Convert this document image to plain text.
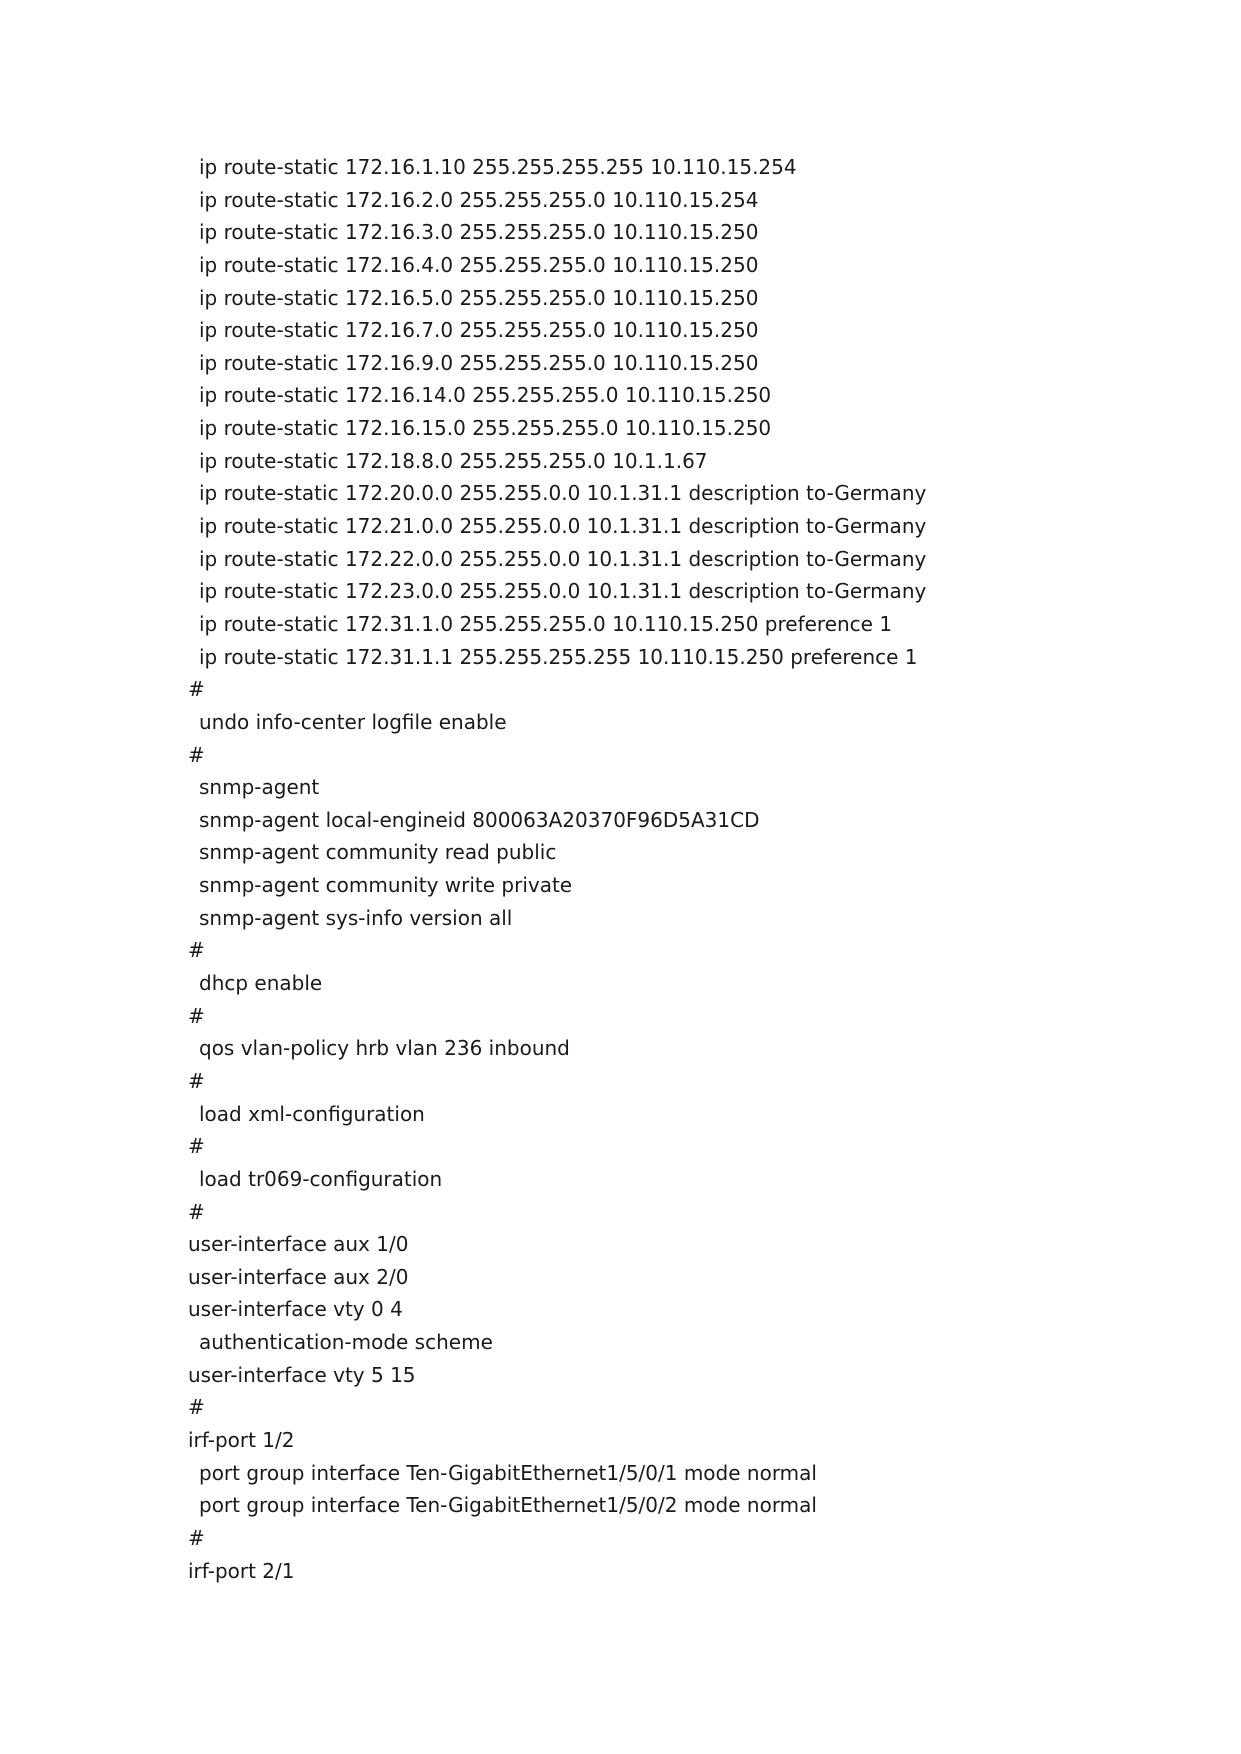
ip route-static 172.16.1.10 255.255.255.255 10.110.15.254
ip route-static 172.16.2.0 255.255.255.0 10.110.15.254
ip route-static 172.16.3.0 255.255.255.0 10.110.15.250
ip route-static 172.16.4.0 255.255.255.0 10.110.15.250
ip route-static 172.16.5.0 255.255.255.0 10.110.15.250
ip route-static 172.16.7.0 255.255.255.0 10.110.15.250
ip route-static 172.16.9.0 255.255.255.0 10.110.15.250
ip route-static 172.16.14.0 255.255.255.0 10.110.15.250
ip route-static 172.16.15.0 255.255.255.0 10.110.15.250
ip route-static 172.18.8.0 255.255.255.0 10.1.1.67
ip route-static 172.20.0.0 255.255.0.0 10.1.31.1 description to-Germany
ip route-static 172.21.0.0 255.255.0.0 10.1.31.1 description to-Germany
ip route-static 172.22.0.0 255.255.0.0 10.1.31.1 description to-Germany
ip route-static 172.23.0.0 255.255.0.0 10.1.31.1 description to-Germany
ip route-static 172.31.1.0 255.255.255.0 10.110.15.250 preference 1
ip route-static 172.31.1.1 255.255.255.255 10.110.15.250 preference 1
#
undo info-center logfile enable
#
snmp-agent
snmp-agent local-engineid 800063A20370F96D5A31CD
snmp-agent community read public
snmp-agent community write private
snmp-agent sys-info version all
#
dhcp enable
#
qos vlan-policy hrb vlan 236 inbound
#
load xml-configuration
#
load tr069-configuration
#
user-interface aux 1/0
user-interface aux 2/0
user-interface vty 0 4
authentication-mode scheme
user-interface vty 5 15
#
irf-port 1/2
port group interface Ten-GigabitEthernet1/5/0/1 mode normal
port group interface Ten-GigabitEthernet1/5/0/2 mode normal
#
irf-port 2/1
